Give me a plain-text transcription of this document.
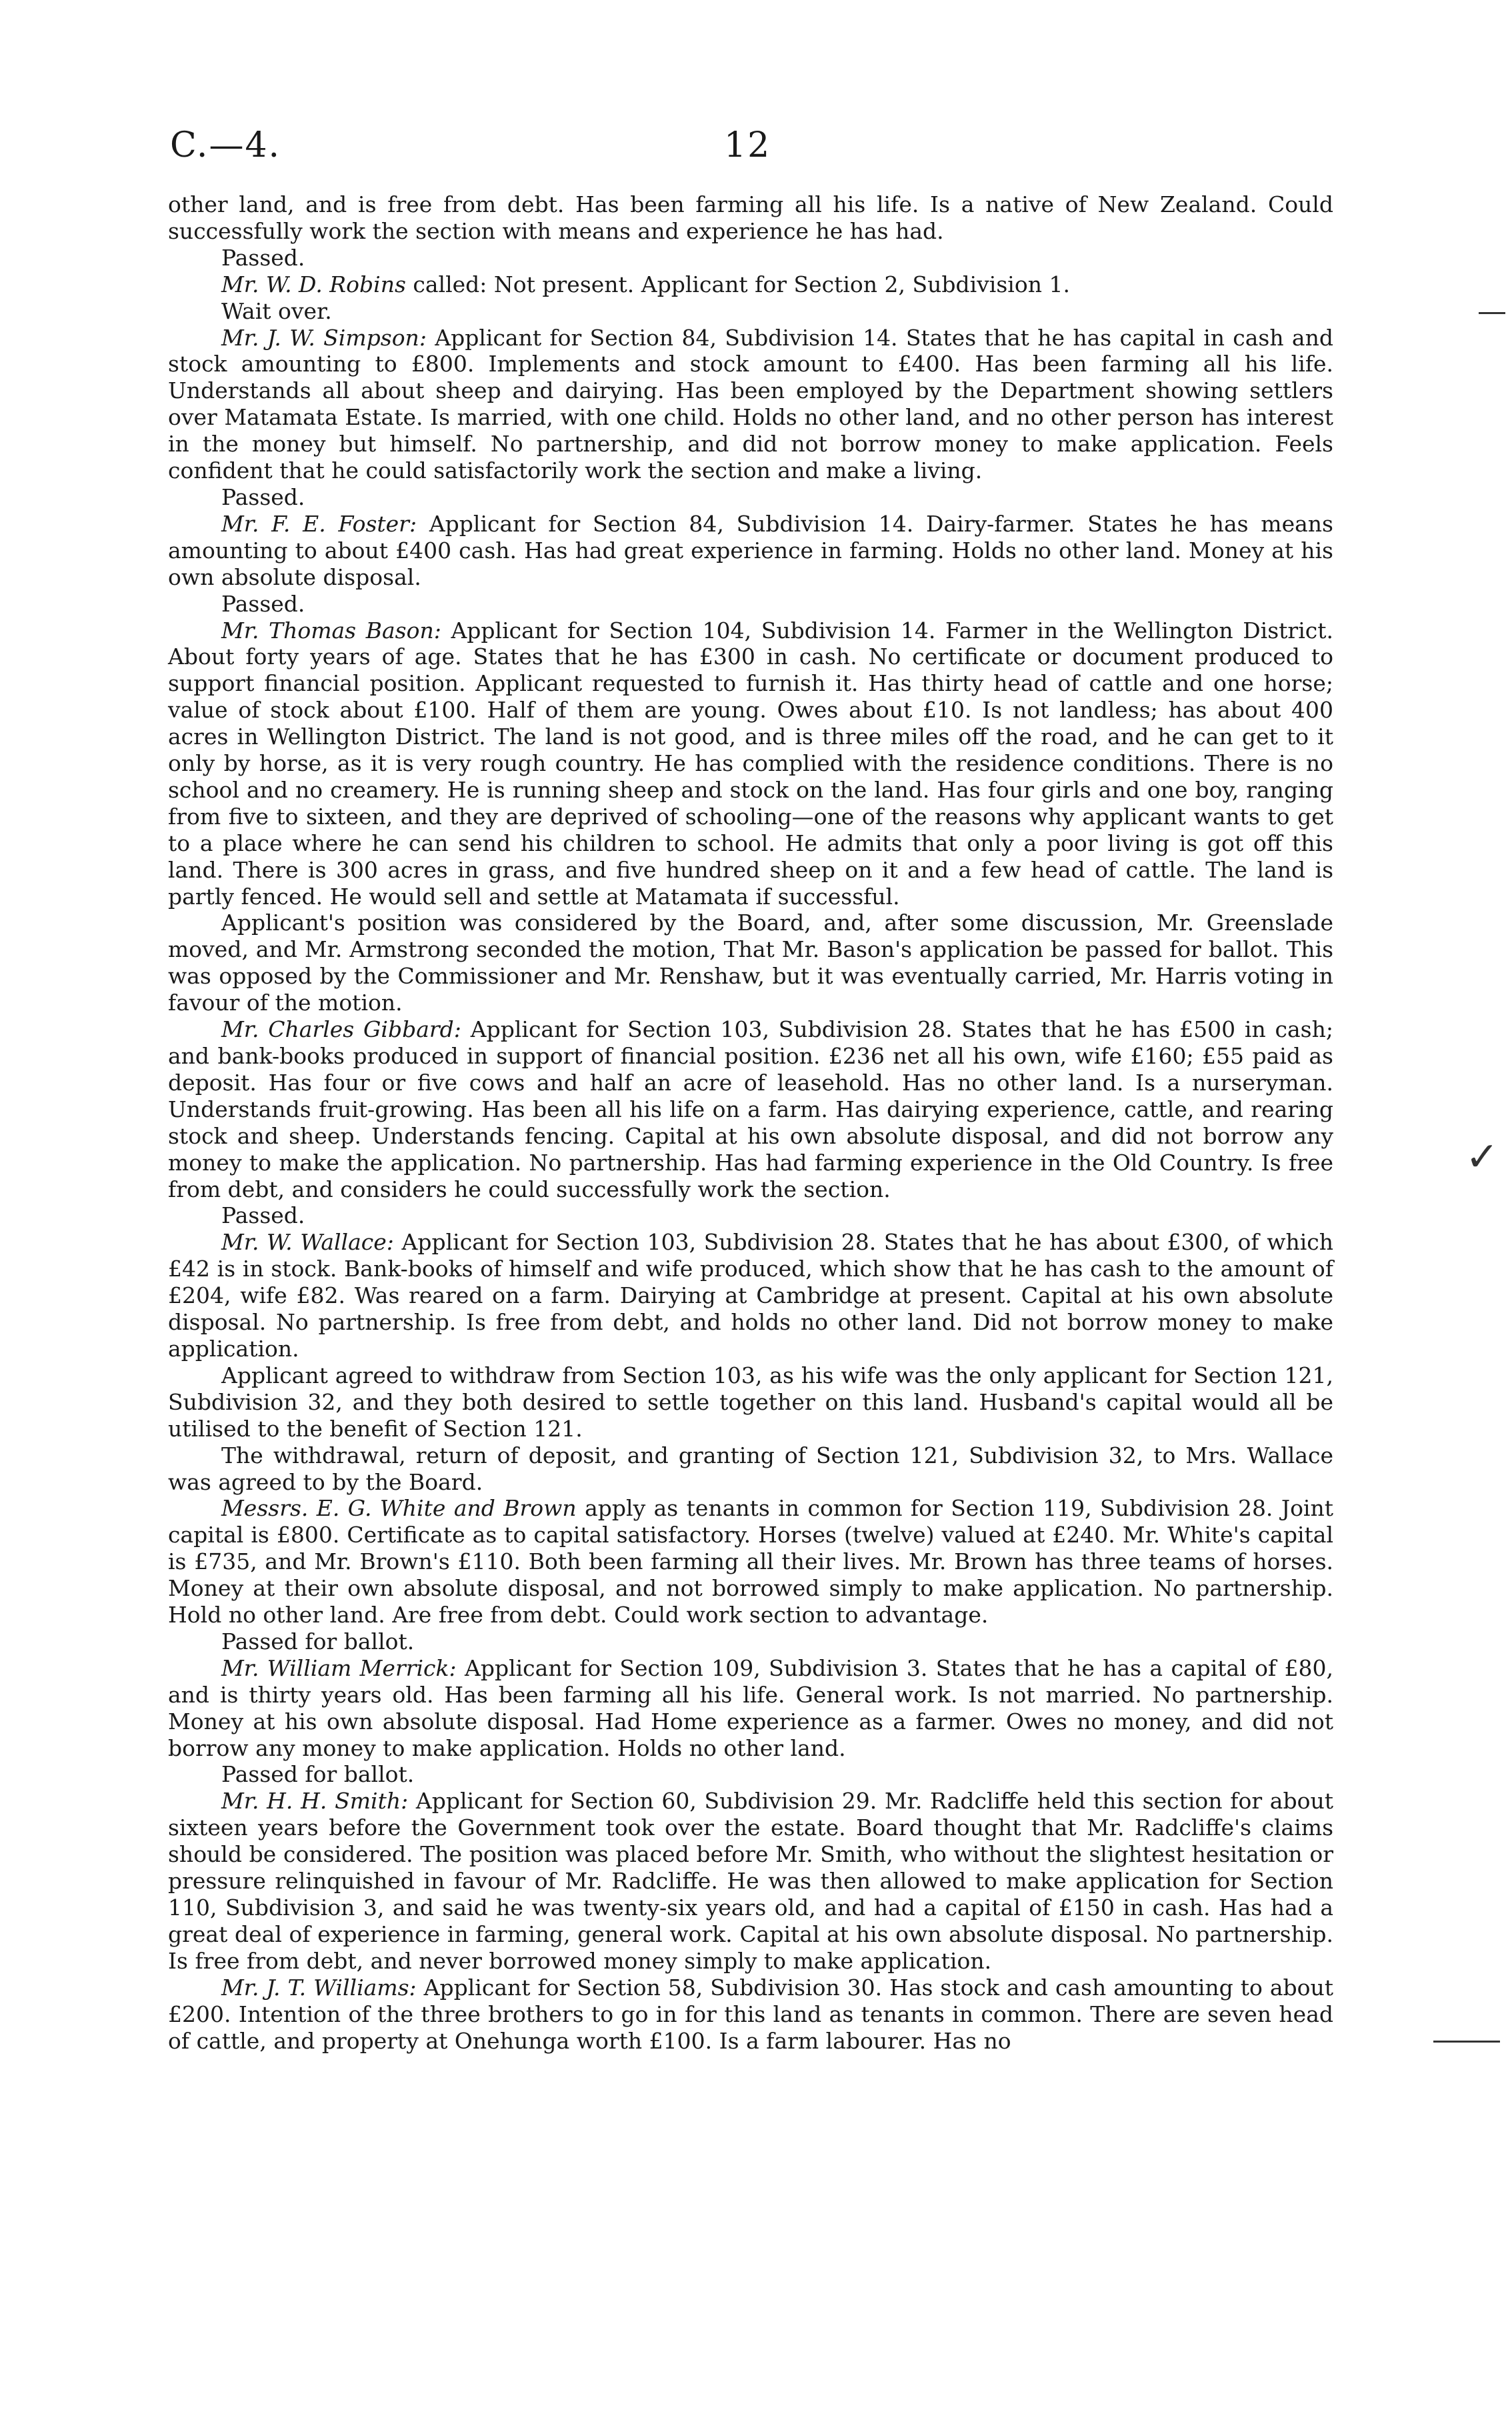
C.—4.	12

other land, and is free from debt. Has been farming all his life. Is a native of New Zealand. Could successfully work the section with means and experience he has had.

Passed.

Mr. W. D. Robins called: Not present. Applicant for Section 2, Subdivision 1.

Wait over.

Mr. J. W. Simpson: Applicant for Section 84, Subdivision 14. States that he has capital in cash and stock amounting to £800. Implements and stock amount to £400. Has been farming all his life. Understands all about sheep and dairying. Has been employed by the Department showing settlers over Matamata Estate. Is married, with one child. Holds no other land, and no other person has interest in the money but himself. No partnership, and did not borrow money to make application. Feels confident that he could satisfactorily work the section and make a living.

Passed.

Mr. F. E. Foster: Applicant for Section 84, Subdivision 14. Dairy-farmer. States he has means amounting to about £400 cash. Has had great experience in farming. Holds no other land. Money at his own absolute disposal.

Passed.

Mr. Thomas Bason: Applicant for Section 104, Subdivision 14. Farmer in the Wellington District. About forty years of age. States that he has £300 in cash. No certificate or document produced to support financial position. Applicant requested to furnish it. Has thirty head of cattle and one horse; value of stock about £100. Half of them are young. Owes about £10. Is not landless; has about 400 acres in Wellington District. The land is not good, and is three miles off the road, and he can get to it only by horse, as it is very rough country. He has complied with the residence conditions. There is no school and no creamery. He is running sheep and stock on the land. Has four girls and one boy, ranging from five to sixteen, and they are deprived of schooling—one of the reasons why applicant wants to get to a place where he can send his children to school. He admits that only a poor living is got off this land. There is 300 acres in grass, and five hundred sheep on it and a few head of cattle. The land is partly fenced. He would sell and settle at Matamata if successful.

Applicant's position was considered by the Board, and, after some discussion, Mr. Greenslade moved, and Mr. Armstrong seconded the motion, That Mr. Bason's application be passed for ballot. This was opposed by the Commissioner and Mr. Renshaw, but it was eventually carried, Mr. Harris voting in favour of the motion.

Mr. Charles Gibbard: Applicant for Section 103, Subdivision 28. States that he has £500 in cash; and bank-books produced in support of financial position. £236 net all his own, wife £160; £55 paid as deposit. Has four or five cows and half an acre of leasehold. Has no other land. Is a nurseryman. Understands fruit-growing. Has been all his life on a farm. Has dairying experience, cattle, and rearing stock and sheep. Understands fencing. Capital at his own absolute disposal, and did not borrow any money to make the application. No partnership. Has had farming experience in the Old Country. Is free from debt, and considers he could successfully work the section.

Passed.

Mr. W. Wallace: Applicant for Section 103, Subdivision 28. States that he has about £300, of which £42 is in stock. Bank-books of himself and wife produced, which show that he has cash to the amount of £204, wife £82. Was reared on a farm. Dairying at Cambridge at present. Capital at his own absolute disposal. No partnership. Is free from debt, and holds no other land. Did not borrow money to make application.

Applicant agreed to withdraw from Section 103, as his wife was the only applicant for Section 121, Subdivision 32, and they both desired to settle together on this land. Husband's capital would all be utilised to the benefit of Section 121.

The withdrawal, return of deposit, and granting of Section 121, Subdivision 32, to Mrs. Wallace was agreed to by the Board.

Messrs. E. G. White and Brown apply as tenants in common for Section 119, Subdivision 28. Joint capital is £800. Certificate as to capital satisfactory. Horses (twelve) valued at £240. Mr. White's capital is £735, and Mr. Brown's £110. Both been farming all their lives. Mr. Brown has three teams of horses. Money at their own absolute disposal, and not borrowed simply to make application. No partnership. Hold no other land. Are free from debt. Could work section to advantage.

Passed for ballot.

Mr. William Merrick: Applicant for Section 109, Subdivision 3. States that he has a capital of £80, and is thirty years old. Has been farming all his life. General work. Is not married. No partnership. Money at his own absolute disposal. Had Home experience as a farmer. Owes no money, and did not borrow any money to make application. Holds no other land.

Passed for ballot.

Mr. H. H. Smith: Applicant for Section 60, Subdivision 29. Mr. Radcliffe held this section for about sixteen years before the Government took over the estate. Board thought that Mr. Radcliffe's claims should be considered. The position was placed before Mr. Smith, who without the slightest hesitation or pressure relinquished in favour of Mr. Radcliffe. He was then allowed to make application for Section 110, Subdivision 3, and said he was twenty-six years old, and had a capital of £150 in cash. Has had a great deal of experience in farming, general work. Capital at his own absolute disposal. No partnership. Is free from debt, and never borrowed money simply to make application.

Mr. J. T. Williams: Applicant for Section 58, Subdivision 30. Has stock and cash amounting to about £200. Intention of the three brothers to go in for this land as tenants in common. There are seven head of cattle, and property at Onehunga worth £100. Is a farm labourer. Has no

✓
